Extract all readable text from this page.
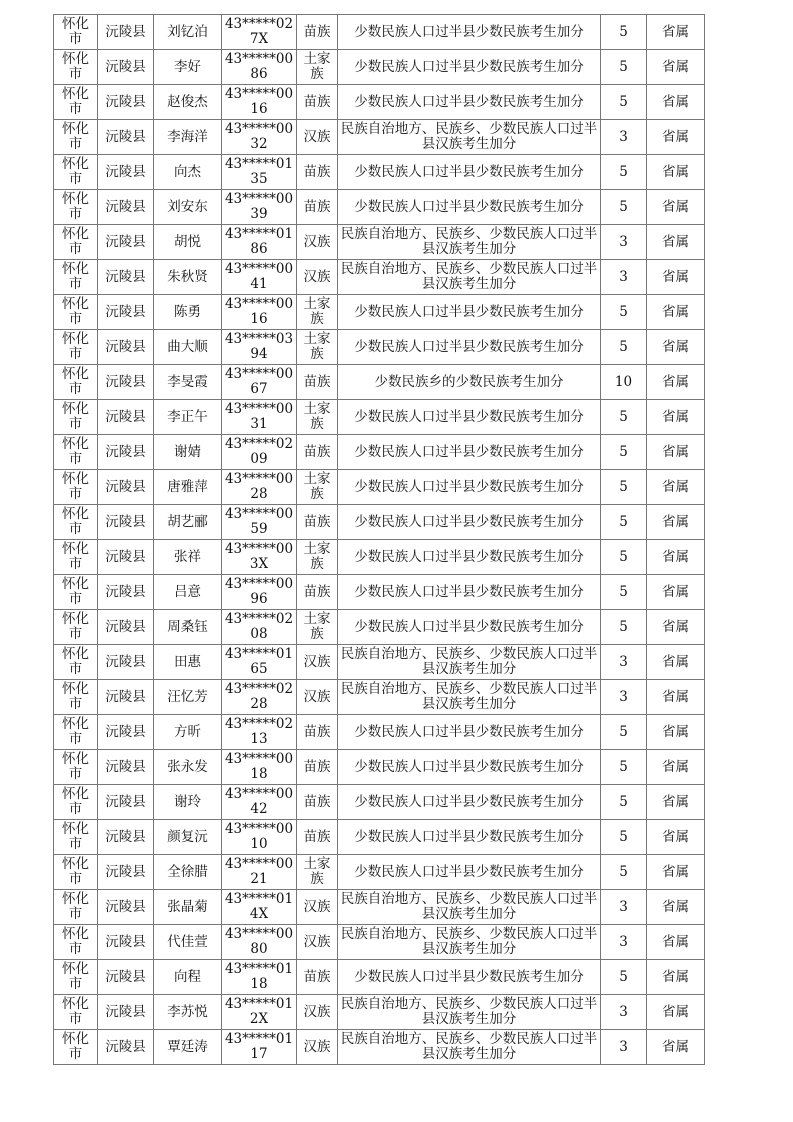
怀化市	沅陵县	刘钇泊	43*****027X	苗族	少数民族人口过半县少数民族考生加分	5	省属
怀化市	沅陵县	李好	43*****0086	土家族	少数民族人口过半县少数民族考生加分	5	省属
怀化市	沅陵县	赵俊杰	43*****0016	苗族	少数民族人口过半县少数民族考生加分	5	省属
怀化市	沅陵县	李海洋	43*****0032	汉族	民族自治地方、民族乡、少数民族人口过半县汉族考生加分	3	省属
怀化市	沅陵县	向杰	43*****0135	苗族	少数民族人口过半县少数民族考生加分	5	省属
怀化市	沅陵县	刘安东	43*****0039	苗族	少数民族人口过半县少数民族考生加分	5	省属
怀化市	沅陵县	胡悦	43*****0186	汉族	民族自治地方、民族乡、少数民族人口过半县汉族考生加分	3	省属
怀化市	沅陵县	朱秋贤	43*****0041	汉族	民族自治地方、民族乡、少数民族人口过半县汉族考生加分	3	省属
怀化市	沅陵县	陈勇	43*****0016	土家族	少数民族人口过半县少数民族考生加分	5	省属
怀化市	沅陵县	曲大顺	43*****0394	土家族	少数民族人口过半县少数民族考生加分	5	省属
怀化市	沅陵县	李旻霞	43*****0067	苗族	少数民族乡的少数民族考生加分	10	省属
怀化市	沅陵县	李正午	43*****0031	土家族	少数民族人口过半县少数民族考生加分	5	省属
怀化市	沅陵县	谢婧	43*****0209	苗族	少数民族人口过半县少数民族考生加分	5	省属
怀化市	沅陵县	唐雅萍	43*****0028	土家族	少数民族人口过半县少数民族考生加分	5	省属
怀化市	沅陵县	胡艺郦	43*****0059	苗族	少数民族人口过半县少数民族考生加分	5	省属
怀化市	沅陵县	张祥	43*****003X	土家族	少数民族人口过半县少数民族考生加分	5	省属
怀化市	沅陵县	吕意	43*****0096	苗族	少数民族人口过半县少数民族考生加分	5	省属
怀化市	沅陵县	周桑钰	43*****0208	土家族	少数民族人口过半县少数民族考生加分	5	省属
怀化市	沅陵县	田惠	43*****0165	汉族	民族自治地方、民族乡、少数民族人口过半县汉族考生加分	3	省属
怀化市	沅陵县	汪忆芳	43*****0228	汉族	民族自治地方、民族乡、少数民族人口过半县汉族考生加分	3	省属
怀化市	沅陵县	方昕	43*****0213	苗族	少数民族人口过半县少数民族考生加分	5	省属
怀化市	沅陵县	张永发	43*****0018	苗族	少数民族人口过半县少数民族考生加分	5	省属
怀化市	沅陵县	谢玲	43*****0042	苗族	少数民族人口过半县少数民族考生加分	5	省属
怀化市	沅陵县	颜复沅	43*****0010	苗族	少数民族人口过半县少数民族考生加分	5	省属
怀化市	沅陵县	全徐腊	43*****0021	土家族	少数民族人口过半县少数民族考生加分	5	省属
怀化市	沅陵县	张晶菊	43*****014X	汉族	民族自治地方、民族乡、少数民族人口过半县汉族考生加分	3	省属
怀化市	沅陵县	代佳萱	43*****0080	汉族	民族自治地方、民族乡、少数民族人口过半县汉族考生加分	3	省属
怀化市	沅陵县	向程	43*****0118	苗族	少数民族人口过半县少数民族考生加分	5	省属
怀化市	沅陵县	李苏悦	43*****012X	汉族	民族自治地方、民族乡、少数民族人口过半县汉族考生加分	3	省属
怀化市	沅陵县	覃廷涛	43*****0117	汉族	民族自治地方、民族乡、少数民族人口过半县汉族考生加分	3	省属
